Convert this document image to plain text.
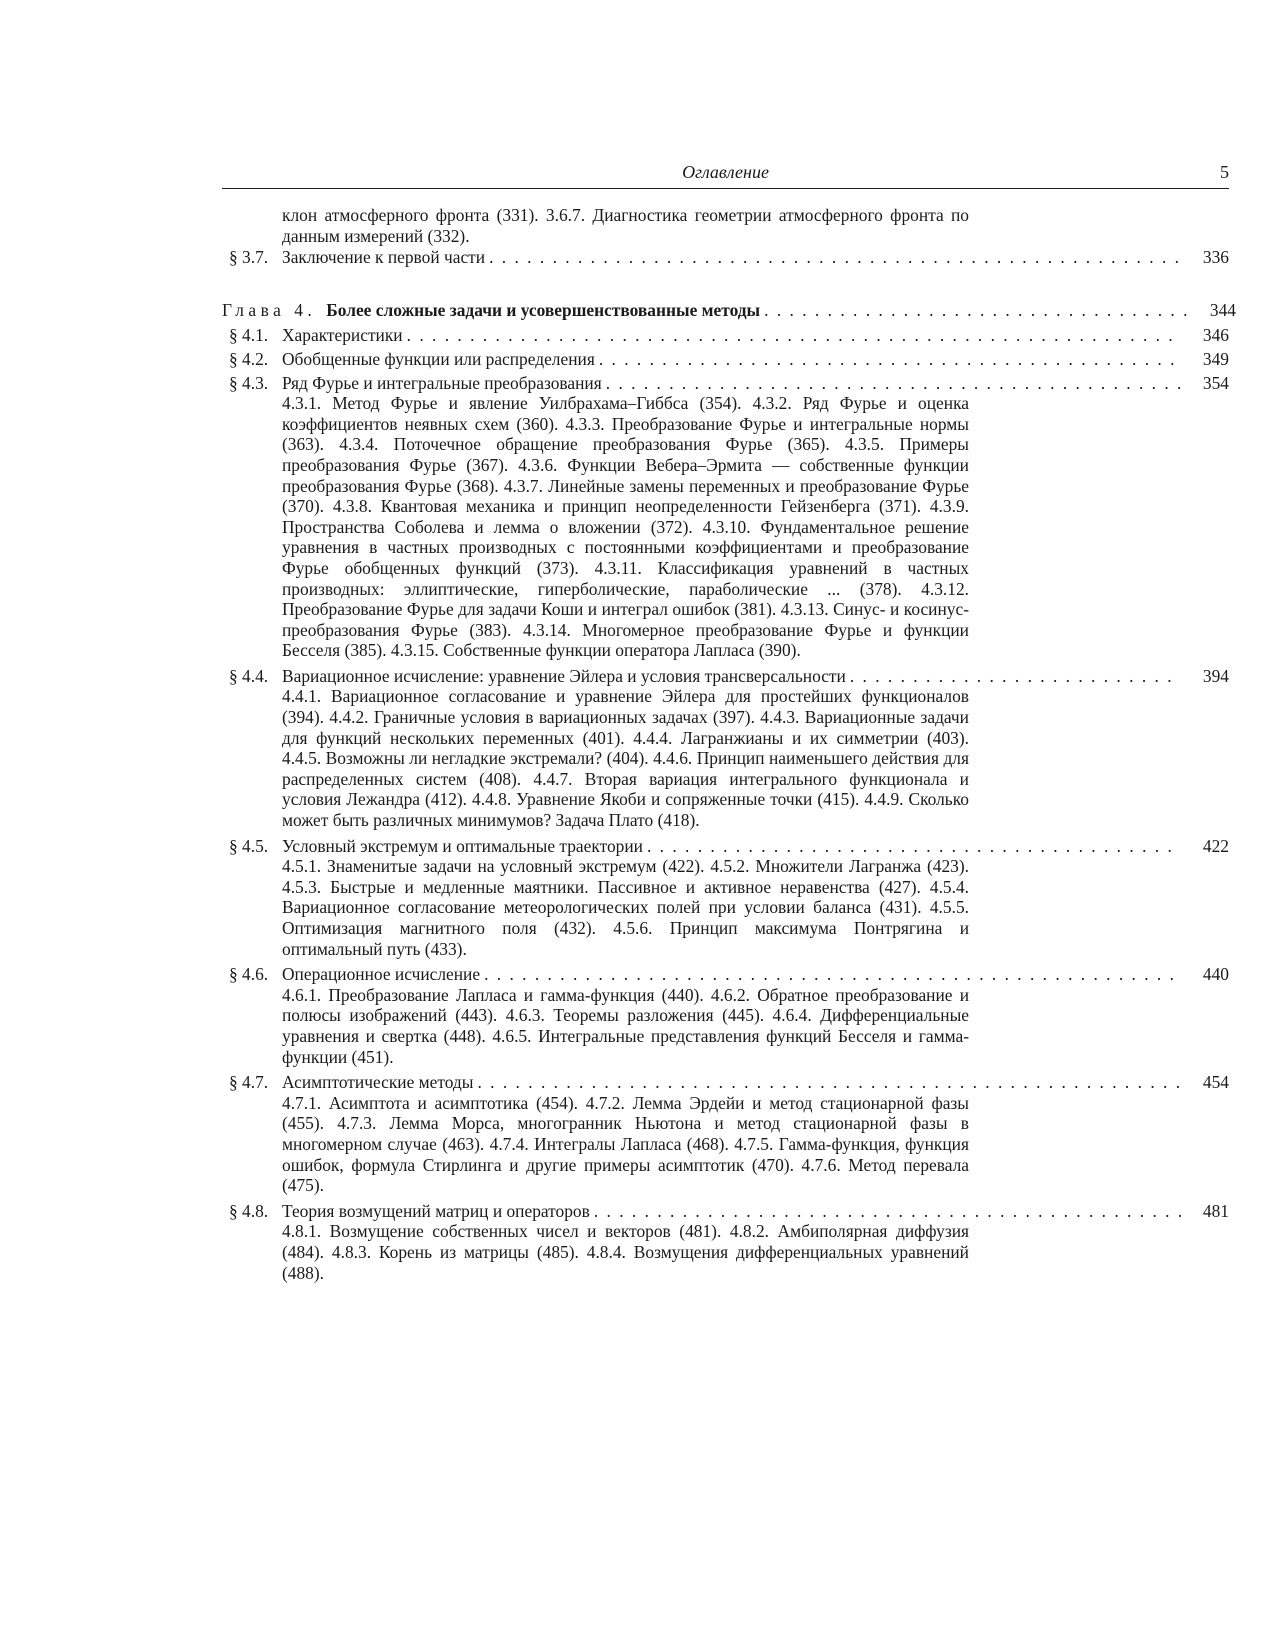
Оглавление	5
клон атмосферного фронта (331). 3.6.7. Диагностика геометрии атмосферного фронта по данным измерений (332).
§ 3.7. Заключение к первой части . . .	336
Глава 4. Более сложные задачи и усовершенствованные методы . . .	344
§ 4.1. Характеристики . . .	346
§ 4.2. Обобщенные функции или распределения . . .	349
§ 4.3. Ряд Фурье и интегральные преобразования . . .	354
4.3.1. Метод Фурье и явление Уилбрахама–Гиббса (354). 4.3.2. Ряд Фурье и оценка коэффициентов неявных схем (360). 4.3.3. Преобразование Фурье и интегральные нормы (363). 4.3.4. Поточечное обращение преобразования Фурье (365). 4.3.5. Примеры преобразования Фурье (367). 4.3.6. Функции Вебера–Эрмита — собственные функции преобразования Фурье (368). 4.3.7. Линейные замены переменных и преобразование Фурье (370). 4.3.8. Квантовая механика и принцип неопределенности Гейзенберга (371). 4.3.9. Пространства Соболева и лемма о вложении (372). 4.3.10. Фундаментальное решение уравнения в частных производных с постоянными коэффициентами и преобразование Фурье обобщенных функций (373). 4.3.11. Классификация уравнений в частных производных: эллиптические, гиперболические, параболические ... (378). 4.3.12. Преобразование Фурье для задачи Коши и интеграл ошибок (381). 4.3.13. Синус- и косинус-преобразования Фурье (383). 4.3.14. Многомерное преобразование Фурье и функции Бесселя (385). 4.3.15. Собственные функции оператора Лапласа (390).
§ 4.4. Вариационное исчисление: уравнение Эйлера и условия трансверсальности . . .	394
4.4.1. Вариационное согласование и уравнение Эйлера для простейших функционалов (394). 4.4.2. Граничные условия в вариационных задачах (397). 4.4.3. Вариационные задачи для функций нескольких переменных (401). 4.4.4. Лагранжианы и их симметрии (403). 4.4.5. Возможны ли негладкие экстремали? (404). 4.4.6. Принцип наименьшего действия для распределенных систем (408). 4.4.7. Вторая вариация интегрального функционала и условия Лежандра (412). 4.4.8. Уравнение Якоби и сопряженные точки (415). 4.4.9. Сколько может быть различных минимумов? Задача Плато (418).
§ 4.5. Условный экстремум и оптимальные траектории . . .	422
4.5.1. Знаменитые задачи на условный экстремум (422). 4.5.2. Множители Лагранжа (423). 4.5.3. Быстрые и медленные маятники. Пассивное и активное неравенства (427). 4.5.4. Вариационное согласование метеорологических полей при условии баланса (431). 4.5.5. Оптимизация магнитного поля (432). 4.5.6. Принцип максимума Понтрягина и оптимальный путь (433).
§ 4.6. Операционное исчисление . . .	440
4.6.1. Преобразование Лапласа и гамма-функция (440). 4.6.2. Обратное преобразование и полюсы изображений (443). 4.6.3. Теоремы разложения (445). 4.6.4. Дифференциальные уравнения и свертка (448). 4.6.5. Интегральные представления функций Бесселя и гамма-функции (451).
§ 4.7. Асимптотические методы . . .	454
4.7.1. Асимптота и асимптотика (454). 4.7.2. Лемма Эрдейи и метод стационарной фазы (455). 4.7.3. Лемма Морса, многогранник Ньютона и метод стационарной фазы в многомерном случае (463). 4.7.4. Интегралы Лапласа (468). 4.7.5. Гамма-функция, функция ошибок, формула Стирлинга и другие примеры асимптотик (470). 4.7.6. Метод перевала (475).
§ 4.8. Теория возмущений матриц и операторов . . .	481
4.8.1. Возмущение собственных чисел и векторов (481). 4.8.2. Амбиполярная диффузия (484). 4.8.3. Корень из матрицы (485). 4.8.4. Возмущения дифференциальных уравнений (488).
